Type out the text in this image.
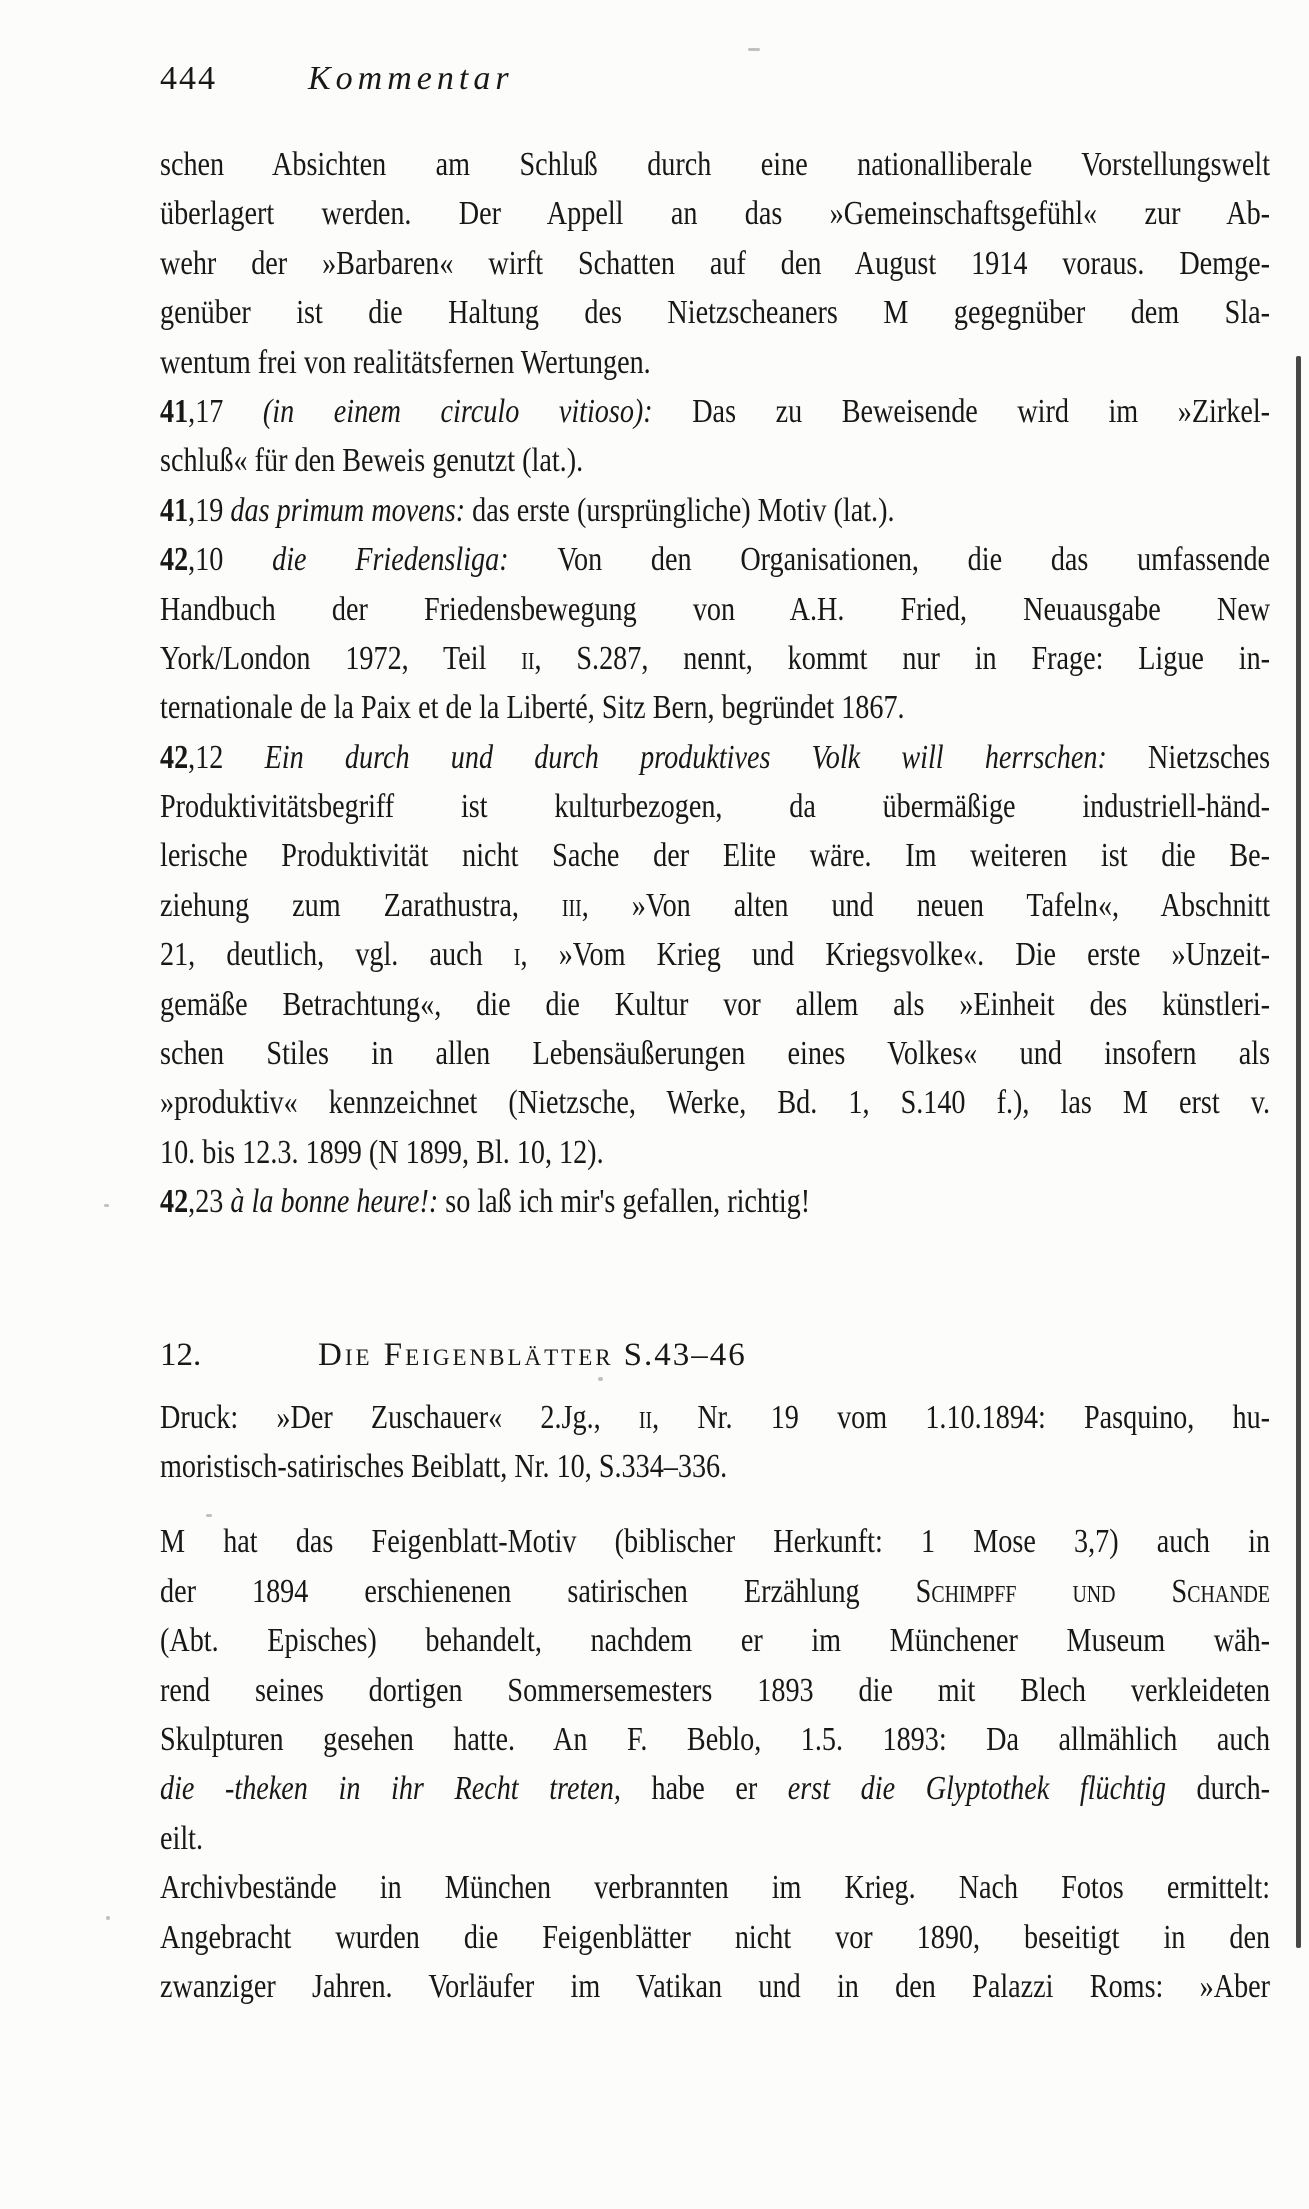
444	Kommentar
schen Absichten am Schluß durch eine nationalliberale Vorstellungswelt
überlagert werden. Der Appell an das »Gemeinschaftsgefühl« zur Ab-
wehr der »Barbaren« wirft Schatten auf den August 1914 voraus. Demge-
genüber ist die Haltung des Nietzscheaners M gegegnüber dem Sla-
wentum frei von realitätsfernen Wertungen.
41,17 (in einem circulo vitioso): Das zu Beweisende wird im »Zirkel-
schluß« für den Beweis genutzt (lat.).
41,19 das primum movens: das erste (ursprüngliche) Motiv (lat.).
42,10 die Friedensliga: Von den Organisationen, die das umfassende
Handbuch der Friedensbewegung von A.H. Fried, Neuausgabe New
York/London 1972, Teil ii, S.287, nennt, kommt nur in Frage: Ligue in-
ternationale de la Paix et de la Liberté, Sitz Bern, begründet 1867.
42,12 Ein durch und durch produktives Volk will herrschen: Nietzsches
Produktivitätsbegriff ist kulturbezogen, da übermäßige industriell-händ-
lerische Produktivität nicht Sache der Elite wäre. Im weiteren ist die Be-
ziehung zum Zarathustra, iii, »Von alten und neuen Tafeln«, Abschnitt
21, deutlich, vgl. auch i, »Vom Krieg und Kriegsvolke«. Die erste »Unzeit-
gemäße Betrachtung«, die die Kultur vor allem als »Einheit des künstleri-
schen Stiles in allen Lebensäußerungen eines Volkes« und insofern als
»produktiv« kennzeichnet (Nietzsche, Werke, Bd. 1, S.140 f.), las M erst v.
10. bis 12.3. 1899 (N 1899, Bl. 10, 12).
42,23 à la bonne heure!: so laß ich mir's gefallen, richtig!
12.	Die Feigenblätter S.43–46
Druck: »Der Zuschauer« 2.Jg., ii, Nr. 19 vom 1.10.1894: Pasquino, hu-
moristisch-satirisches Beiblatt, Nr. 10, S.334–336.
M hat das Feigenblatt-Motiv (biblischer Herkunft: 1 Mose 3,7) auch in
der 1894 erschienenen satirischen Erzählung Schimpff und Schande
(Abt. Episches) behandelt, nachdem er im Münchener Museum wäh-
rend seines dortigen Sommersemesters 1893 die mit Blech verkleideten
Skulpturen gesehen hatte. An F. Beblo, 1.5. 1893: Da allmählich auch
die -theken in ihr Recht treten, habe er erst die Glyptothek flüchtig durch-
eilt.
Archivbestände in München verbrannten im Krieg. Nach Fotos ermittelt:
Angebracht wurden die Feigenblätter nicht vor 1890, beseitigt in den
zwanziger Jahren. Vorläufer im Vatikan und in den Palazzi Roms: »Aber
